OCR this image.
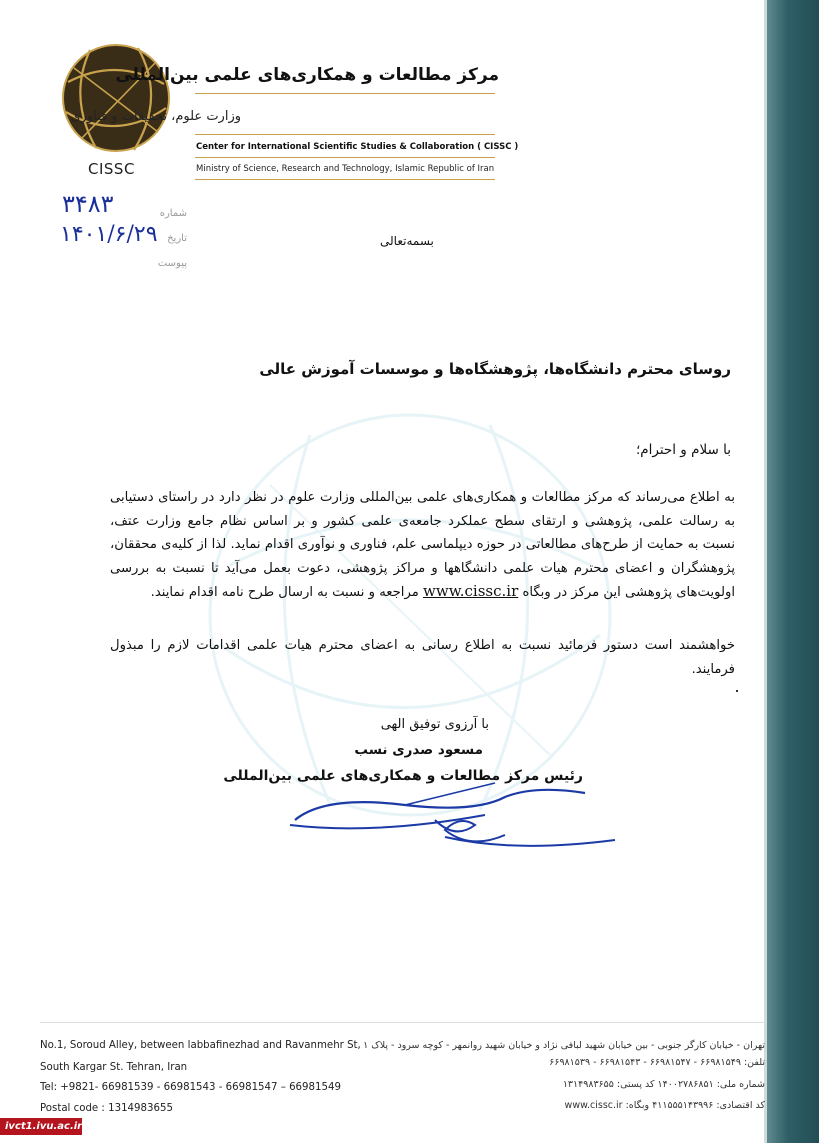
CISSC
مرکز مطالعات و همکاری‌های علمی بین‌المللی
وزارت علوم، تحقیقات و فناوری
Center for International Scientific Studies & Collaboration ( CISSC )
Ministry of Science, Research and Technology, Islamic Republic of Iran
شماره
تاریخ
پیوست
۳۴۸۳
۱۴۰۱/۶/۲۹	بسمه‌تعالی
روسای محترم دانشگاه‌ها، پژوهشگاه‌ها و موسسات آموزش عالی
با سلام و احترام؛
به اطلاع می‌رساند که مرکز مطالعات و همکاری‌های علمی بین‌المللی وزارت علوم در نظر دارد در راستای دستیابی به رسالت علمی، پژوهشی و ارتقای سطح عملکرد جامعه‌ی علمی کشور و بر اساس نظام جامع وزارت عتف، نسبت به حمایت از طرح‌های مطالعاتی در حوزه دیپلماسی علم، فناوری و نوآوری اقدام نماید. لذا از کلیه‌ی محققان، پژوهشگران و اعضای محترم هیات علمی دانشگاهها و مراکز پژوهشی، دعوت بعمل می‌آید تا نسبت به بررسی اولویت‌های پژوهشی این مرکز در وبگاه www.cissc.ir مراجعه و نسبت به ارسال طرح نامه اقدام نمایند.
خواهشمند است دستور فرمائید نسبت به اطلاع رسانی به اعضای محترم هیات علمی اقدامات لازم را مبذول فرمایند.
با آرزوی توفیق الهی
مسعود صدری نسب
رئیس مرکز مطالعات و همکاری‌های علمی بین‌المللی
No.1, Soroud Alley, between labbafinezhad and Ravanmehr St,
South Kargar St. Tehran, Iran
Tel: +9821- 66981539 - 66981543 - 66981547 – 66981549
Postal code : 1314983655
تهران - خیابان کارگر جنوبی - بین خیابان شهید لبافی نژاد و خیابان شهید روانمهر - کوچه سرود - پلاک ۱
تلفن: ۶۶۹۸۱۵۴۹ - ۶۶۹۸۱۵۴۷ - ۶۶۹۸۱۵۴۳ - ۶۶۹۸۱۵۳۹
شماره ملی: ۱۴۰۰۲۷۸۶۸۵۱ کد پستی: ۱۳۱۴۹۸۳۶۵۵
کد اقتصادی: ۴۱۱۵۵۵۱۴۳۹۹۶ وبگاه: www.cissc.ir
ivct1.ivu.ac.ir
